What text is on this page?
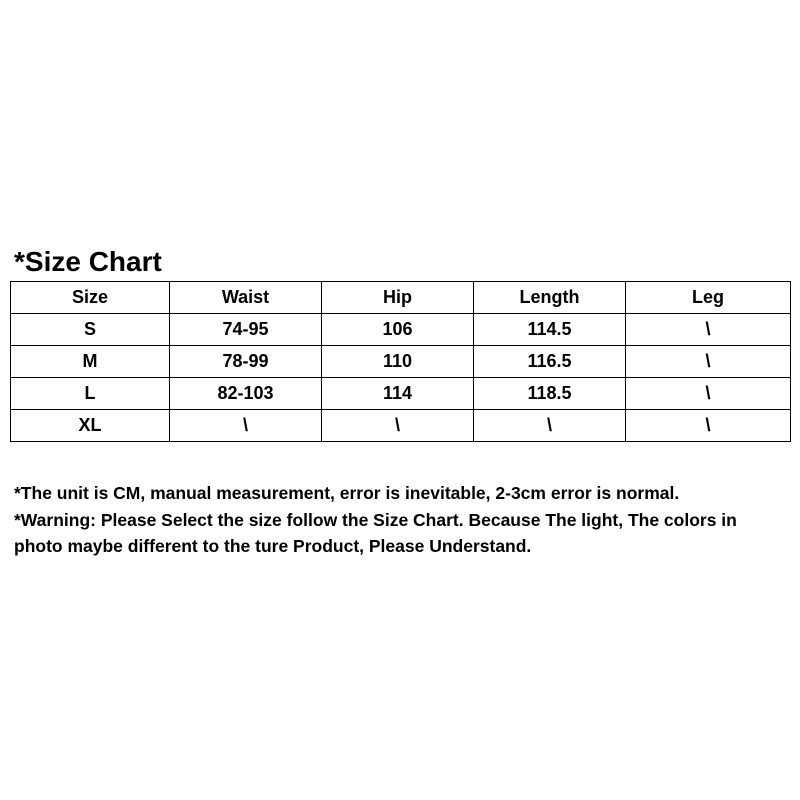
*Size Chart
Size	Waist	Hip	Length	Leg
S	74-95	106	114.5	\
M	78-99	110	116.5	\
L	82-103	114	118.5	\
XL	\	\	\	\
*The unit is CM, manual measurement, error is inevitable, 2-3cm error is normal.
*Warning: Please Select the size follow the Size Chart. Because The light, The colors in photo maybe different to the ture Product, Please Understand.
